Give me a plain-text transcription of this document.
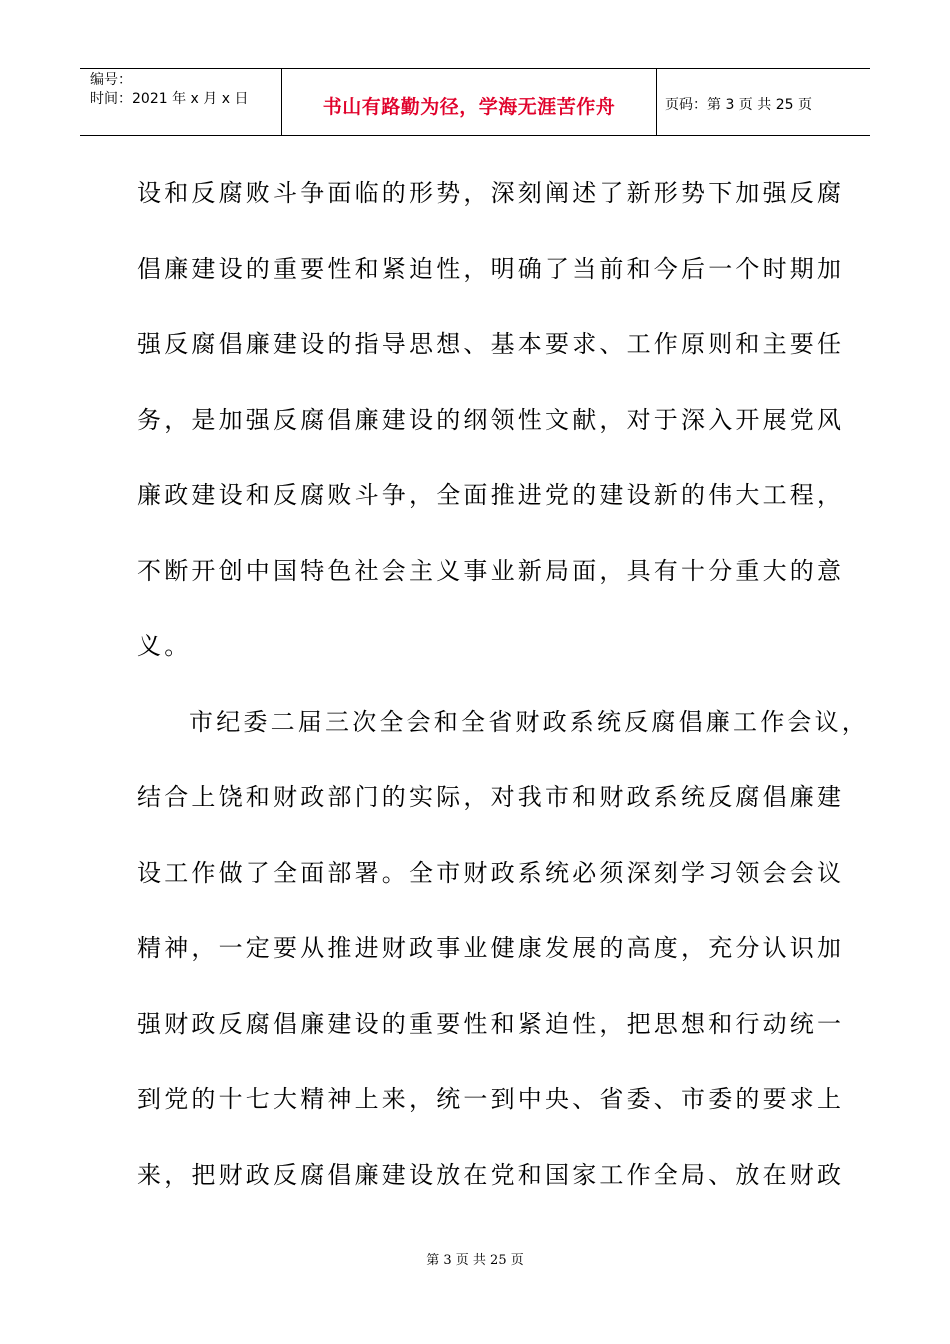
编号：
时间：2021 年 x 月 x 日	书山有路勤为径，学海无涯苦作舟	页码：第 3 页 共 25 页
设和反腐败斗争面临的形势，深刻阐述了新形势下加强反腐
倡廉建设的重要性和紧迫性，明确了当前和今后一个时期加
强反腐倡廉建设的指导思想、基本要求、工作原则和主要任
务，是加强反腐倡廉建设的纲领性文献，对于深入开展党风
廉政建设和反腐败斗争，全面推进党的建设新的伟大工程，
不断开创中国特色社会主义事业新局面，具有十分重大的意
义。
市纪委二届三次全会和全省财政系统反腐倡廉工作会议，
结合上饶和财政部门的实际，对我市和财政系统反腐倡廉建
设工作做了全面部署。全市财政系统必须深刻学习领会会议
精神，一定要从推进财政事业健康发展的高度，充分认识加
强财政反腐倡廉建设的重要性和紧迫性，把思想和行动统一
到党的十七大精神上来，统一到中央、省委、市委的要求上
来，把财政反腐倡廉建设放在党和国家工作全局、放在财政
第 3 页 共 25 页
